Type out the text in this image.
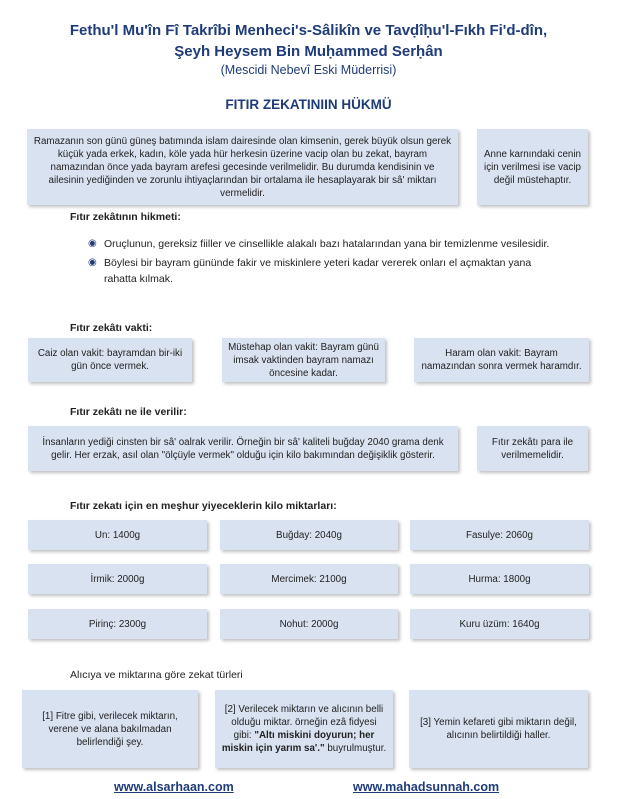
Fethu'l Mu'în Fî Takrîbi Menheci's-Sâlikîn ve Tavḍîḥu'l-Fıkh Fi'd-dîn,
Şeyh Heysem Bin Muḥammed Serḥân
(Mescidi Nebevî Eski Müderrisi)
FITIR ZEKATINIIN HÜKMÜ
Ramazanın son günü güneş batımında islam dairesinde olan kimsenin, gerek büyük olsun gerek küçük yada erkek, kadın, köle yada hür herkesin üzerine vacip olan bu zekat, bayram namazından önce yada bayram arefesi gecesinde verilmelidir. Bu durumda kendisinin ve ailesinin yediğinden ve zorunlu ihtiyaçlarından bir ortalama ile hesaplayarak bir sâ' miktarı vermelidir.
Anne karnındaki cenin için verilmesi ise vacip değil müstehaptır.
Fıtır zekâtının hikmeti:
◉ Oruçlunun, gereksiz fiiller ve cinsellikle alakalı bazı hatalarından yana bir temizlenme vesilesidir.
◉ Böylesi bir bayram gününde fakir ve miskinlere yeteri kadar vererek onları el açmaktan yana rahatta kılmak.
Fıtır zekâtı vakti:
Caiz olan vakit: bayramdan bir-iki gün önce vermek.
Müstehap olan vakit: Bayram günü imsak vaktinden bayram namazı öncesine kadar.
Haram olan vakit: Bayram namazından sonra vermek haramdır.
Fıtır zekâtı ne ile verilir:
İnsanların yediği cinsten bir sâ' oalrak verilir. Örneğin bir sâ' kaliteli buğday 2040 grama denk gelir. Her erzak, asıl olan "ölçüyle vermek" olduğu için kilo bakımından değişiklik gösterir.
Fıtır zekâtı para ile verilmemelidir.
Fıtır zekatı için en meşhur yiyeceklerin kilo miktarları:
Un: 1400g	Buğday: 2040g	Fasulye: 2060g
İrmik: 2000g	Mercimek: 2100g	Hurma: 1800g
Pirinç: 2300g	Nohut: 2000g	Kuru üzüm: 1640g
Alıcıya ve miktarına göre zekat türleri
[1] Fitre gibi, verilecek miktarın, verene ve alana bakılmadan belirlendiği şey.
[2] Verilecek miktarın ve alıcının belli olduğu miktar. örneğin ezâ fidyesi gibi: "Altı miskini doyurun; her miskin için yarım sa'." buyrulmuştur.
[3] Yemin kefareti gibi miktarın değil, alıcının belirtildiği haller.
www.alsarhaan.com	www.mahadsunnah.com
